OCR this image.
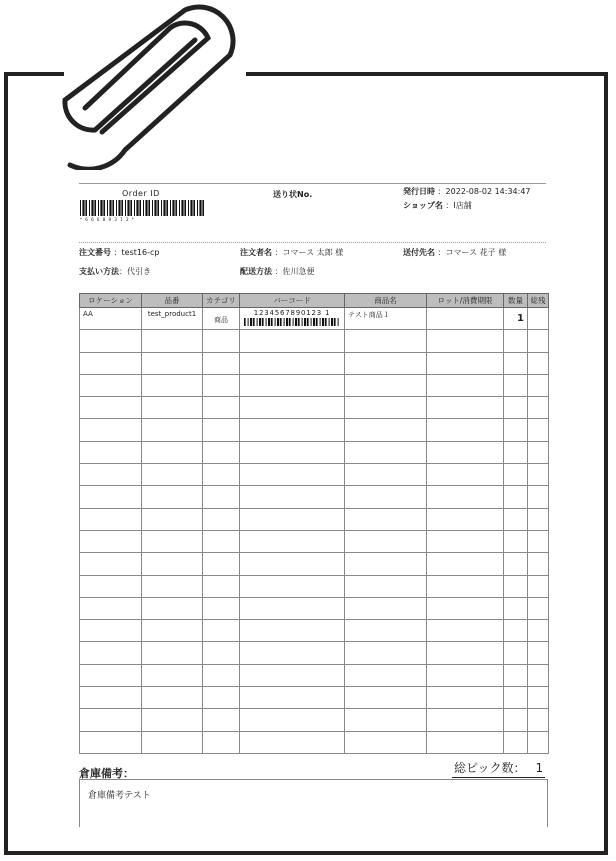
Order ID
* 6 6 0 8 9 3 1 2 *
送り状No.	発行日時 ：2022-08-02 14:34:47
ショップ名 ：I店舗
注文番号 ：test16-cp	注文者名 ：コマース 太郎 様	送付先名 ：コマース 花子 様
支払い方法：代引き	配送方法 ：佐川急便
ロケーション	品番	カテゴリ	バーコード	商品名	ロット/消費期限	数量	総残

AA	test_product1	商品	1234567890123 1	テスト商品１		1	

倉庫備考：	総ピック数： 1
倉庫備考テスト
